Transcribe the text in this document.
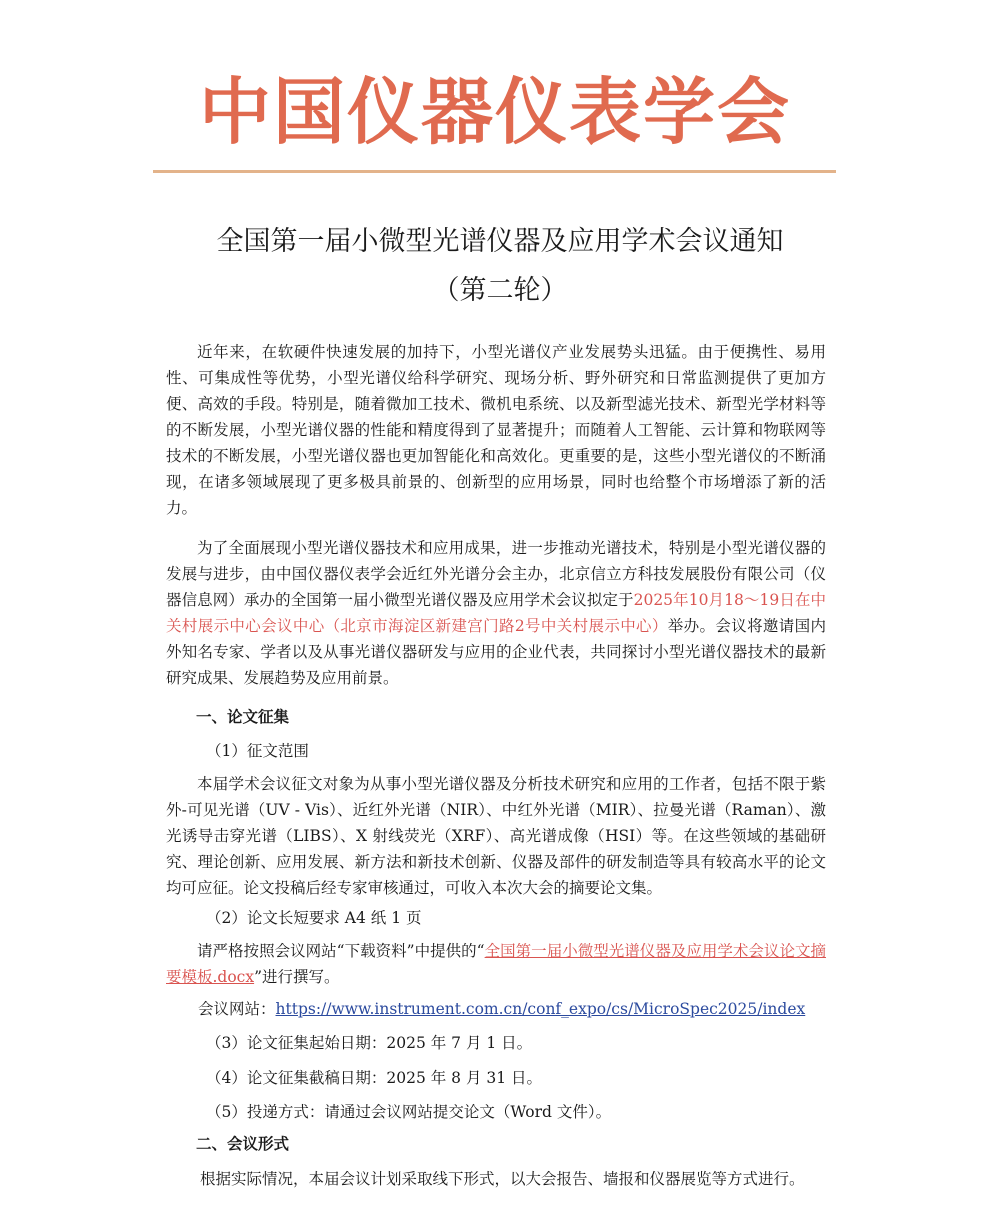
中国仪器仪表学会
全国第一届小微型光谱仪器及应用学术会议通知
（第二轮）

近年来，在软硬件快速发展的加持下，小型光谱仪产业发展势头迅猛。由于便携性、易用性、可集成性等优势，小型光谱仪给科学研究、现场分析、野外研究和日常监测提供了更加方便、高效的手段。特别是，随着微加工技术、微机电系统、以及新型滤光技术、新型光学材料等的不断发展，小型光谱仪器的性能和精度得到了显著提升；而随着人工智能、云计算和物联网等技术的不断发展，小型光谱仪器也更加智能化和高效化。更重要的是，这些小型光谱仪的不断涌现，在诸多领域展现了更多极具前景的、创新型的应用场景，同时也给整个市场增添了新的活力。

为了全面展现小型光谱仪器技术和应用成果，进一步推动光谱技术，特别是小型光谱仪器的发展与进步，由中国仪器仪表学会近红外光谱分会主办，北京信立方科技发展股份有限公司（仪器信息网）承办的全国第一届小微型光谱仪器及应用学术会议拟定于2025年10月18～19日在中关村展示中心会议中心（北京市海淀区新建宫门路2号中关村展示中心）举办。会议将邀请国内外知名专家、学者以及从事光谱仪器研发与应用的企业代表，共同探讨小型光谱仪器技术的最新研究成果、发展趋势及应用前景。

一、论文征集
（1）征文范围

本届学术会议征文对象为从事小型光谱仪器及分析技术研究和应用的工作者，包括不限于紫外-可见光谱（UV - Vis）、近红外光谱（NIR）、中红外光谱（MIR）、拉曼光谱（Raman）、激光诱导击穿光谱（LIBS）、X 射线荧光（XRF）、高光谱成像（HSI）等。在这些领域的基础研究、理论创新、应用发展、新方法和新技术创新、仪器及部件的研发制造等具有较高水平的论文均可应征。论文投稿后经专家审核通过，可收入本次大会的摘要论文集。

（2）论文长短要求 A4 纸 1 页

请严格按照会议网站“下载资料”中提供的“全国第一届小微型光谱仪器及应用学术会议论文摘要模板.docx”进行撰写。

会议网站：https://www.instrument.com.cn/conf_expo/cs/MicroSpec2025/index
（3）论文征集起始日期：2025 年 7 月 1 日。
（4）论文征集截稿日期：2025 年 8 月 31 日。
（5）投递方式：请通过会议网站提交论文（Word 文件）。
二、会议形式
根据实际情况，本届会议计划采取线下形式，以大会报告、墙报和仪器展览等方式进行。
